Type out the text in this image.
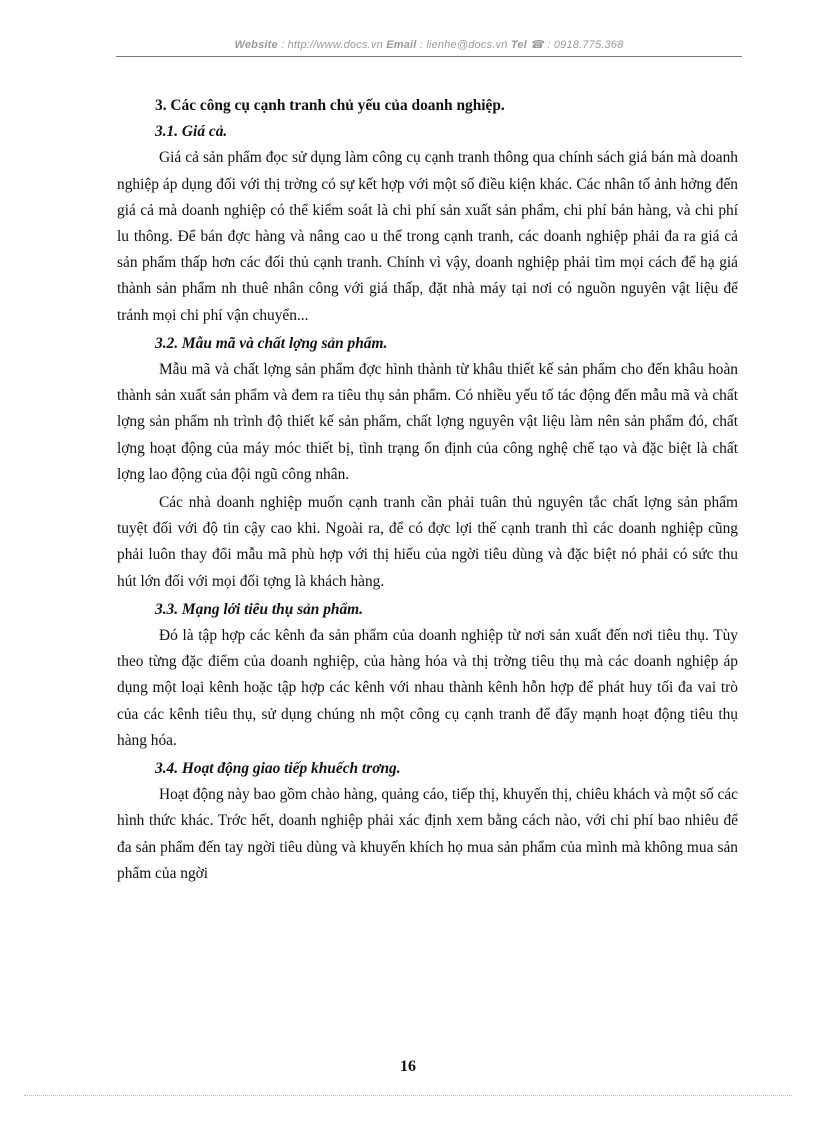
Website : http://www.docs.vn Email : lienhe@docs.vn Tel ☎ : 0918.775.368

3. Các công cụ cạnh tranh chủ yếu của doanh nghiệp.

3.1. Giá cả.

Giá cả sản phẩm đọc sử dụng làm công cụ cạnh tranh thông qua chính sách giá bán mà doanh nghiệp áp dụng đối với thị trờng có sự kết hợp với một số điều kiện khác. Các nhân tố ảnh hởng đến giá cả mà doanh nghiệp có thể kiểm soát là chi phí sản xuất sản phẩm, chi phí bán hàng, và chi phí lu thông. Để bán đợc hàng và nâng cao u thế trong cạnh tranh, các doanh nghiệp phải đa ra giá cả sản phẩm thấp hơn các đối thủ cạnh tranh. Chính vì vậy, doanh nghiệp phải tìm mọi cách để hạ giá thành sản phẩm nh thuê nhân công với giá thấp, đặt nhà máy tại nơi có nguồn nguyên vật liệu để tránh mọi chi phí vận chuyển...

3.2. Mẫu mã và chất lợng sản phẩm.

Mẫu mã và chất lợng sản phẩm đợc hình thành từ khâu thiết kế sản phẩm cho đến khâu hoàn thành sản xuất sản phẩm và đem ra tiêu thụ sản phẩm. Có nhiều yếu tố tác động đến mẫu mã và chất lợng sản phẩm nh trình độ thiết kế sản phẩm, chất lợng nguyên vật liệu làm nên sản phẩm đó, chất lợng hoạt động của máy móc thiết bị, tình trạng ổn định của công nghệ chế tạo và đặc biệt là chất lợng lao động của đội ngũ công nhân.

Các nhà doanh nghiệp muốn cạnh tranh cần phải tuân thủ nguyên tắc chất lợng sản phẩm tuyệt đối với độ tin cậy cao khi. Ngoài ra, để có đợc lợi thế cạnh tranh thì các doanh nghiệp cũng phải luôn thay đổi mẫu mã phù hợp với thị hiếu của ngời tiêu dùng và đặc biệt nó phải có sức thu hút lớn đối với mọi đối tợng là khách hàng.

3.3. Mạng lới tiêu thụ sản phẩm.

Đó là tập hợp các kênh đa sản phẩm của doanh nghiệp từ nơi sản xuất đến nơi tiêu thụ. Tùy theo từng đặc điểm của doanh nghiệp, của hàng hóa và thị trờng tiêu thụ mà các doanh nghiệp áp dụng một loại kênh hoặc tập hợp các kênh với nhau thành kênh hỗn hợp để phát huy tối đa vai trò của các kênh tiêu thụ, sử dụng chúng nh một công cụ cạnh tranh để đẩy mạnh hoạt động tiêu thụ hàng hóa.

3.4. Hoạt động giao tiếp khuếch trơng.

Hoạt động này bao gồm chào hàng, quảng cáo, tiếp thị, khuyến thị, chiêu khách và một số các hình thức khác. Trớc hết, doanh nghiệp phải xác định xem bằng cách nào, với chi phí bao nhiêu để đa sản phẩm đến tay ngời tiêu dùng và khuyến khích họ mua sản phẩm của mình mà không mua sản phẩm của ngời

16
